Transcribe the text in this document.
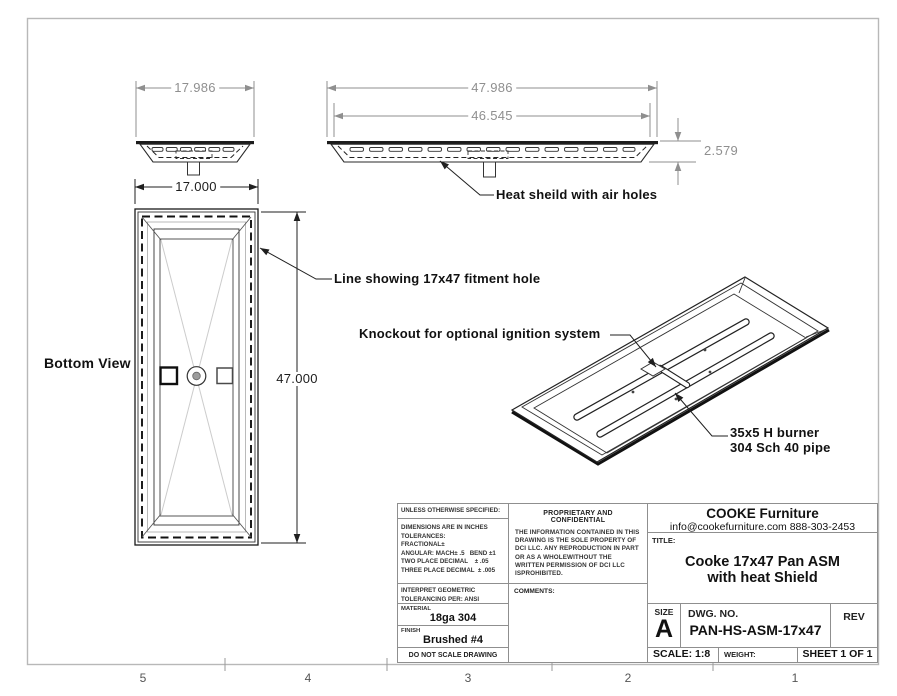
17.986	47.986
46.545
2.579
Heat sheild with air holes
17.000
Bottom View
47.000
Line showing 17x47 fitment hole
Knockout for optional ignition system
35x5 H burner
304 Sch 40 pipe
UNLESS OTHERWISE SPECIFIED:
DIMENSIONS ARE IN INCHES
TOLERANCES:
FRACTIONAL±
ANGULAR: MACH± .5   BEND ±1
TWO PLACE DECIMAL    ± .05
THREE PLACE DECIMAL  ± .005
INTERPRET GEOMETRIC
TOLERANCING PER: ANSI
MATERIAL
18ga 304
FINISH
Brushed #4
DO NOT SCALE DRAWING
PROPRIETARY AND CONFIDENTIAL
THE INFORMATION CONTAINED IN THIS DRAWING IS THE SOLE PROPERTY OF DCI LLC. ANY REPRODUCTION IN PART OR AS A WHOLEWITHOUT THE WRITTEN PERMISSION OF DCI LLC ISPROHIBITED.
COMMENTS:
COOKE Furniture
info@cookefurniture.com 888-303-2453
TITLE:
Cooke 17x47 Pan ASM
with heat Shield
SIZE
A
DWG. NO.
PAN-HS-ASM-17x47
REV
SCALE: 1:8	WEIGHT:	SHEET 1 OF 1
5	4	3	2	1
